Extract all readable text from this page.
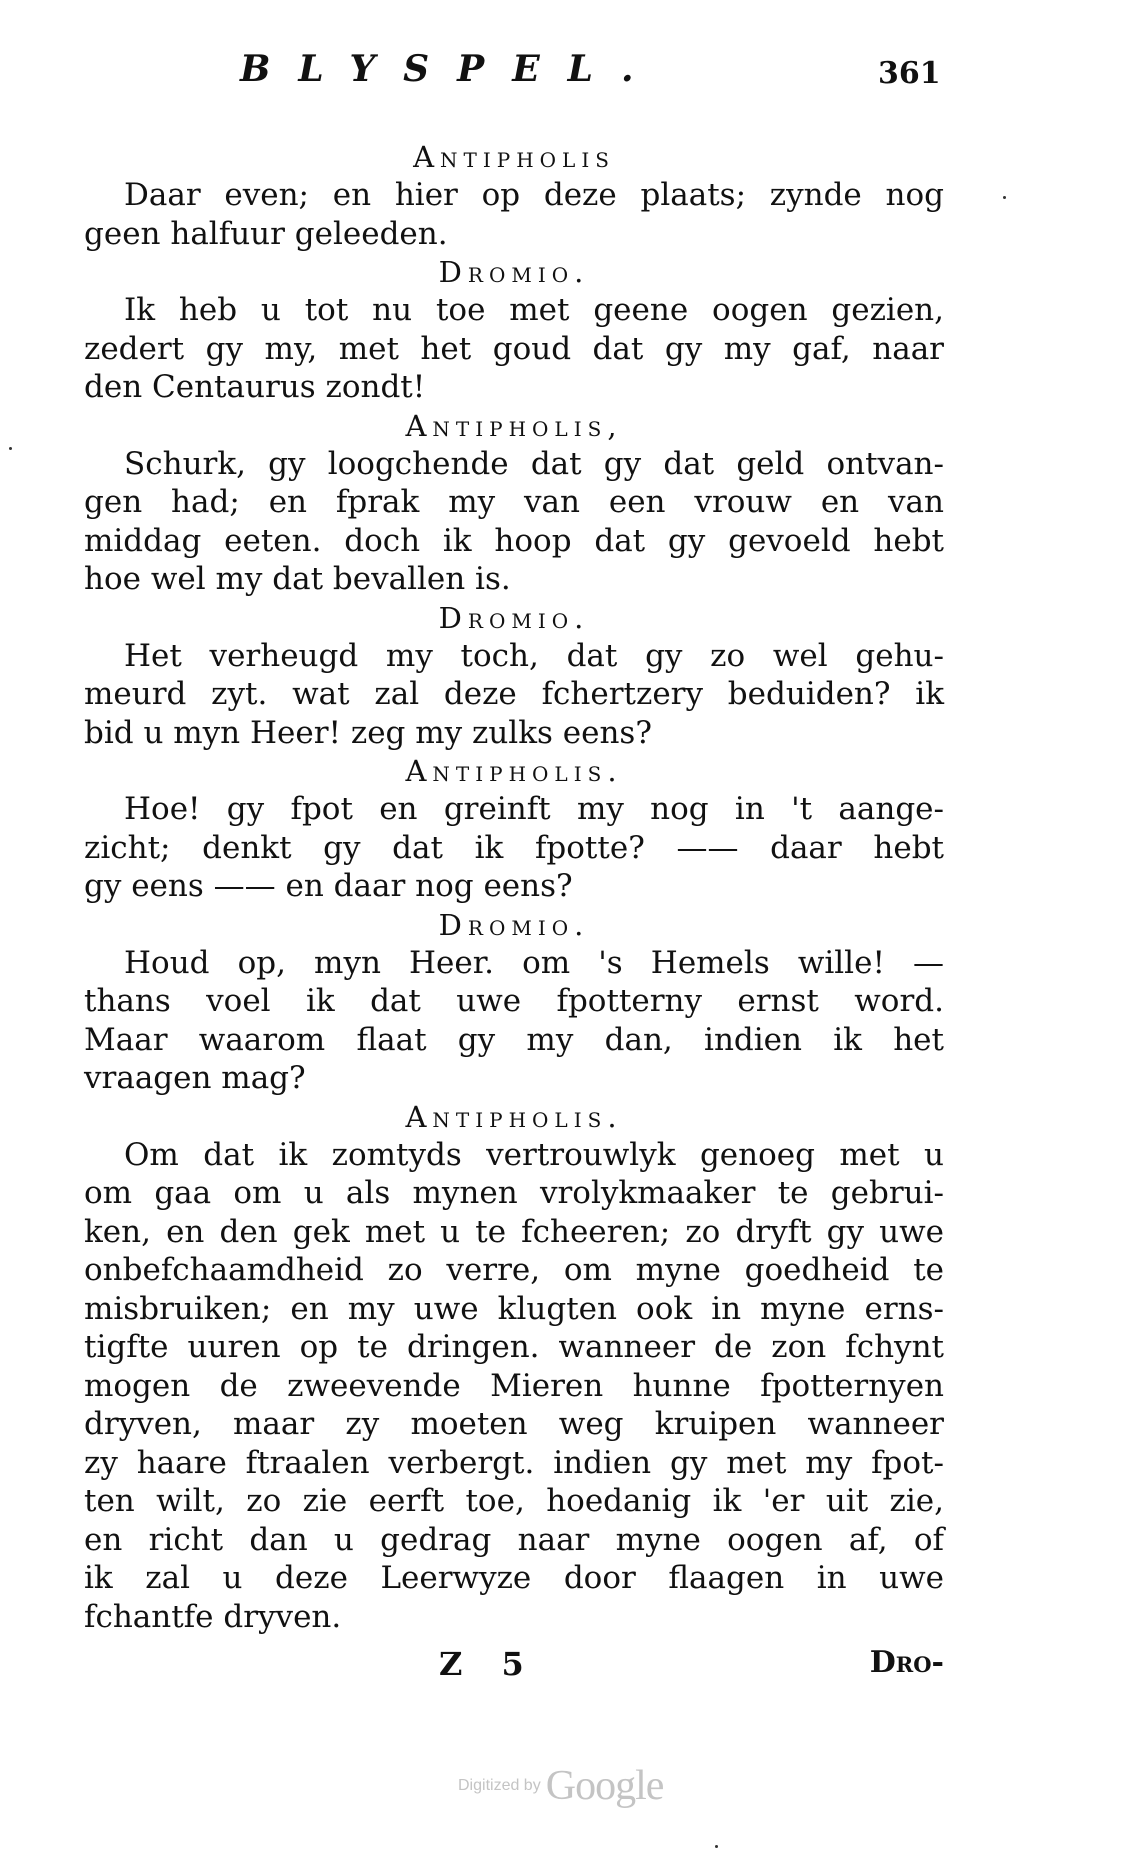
BLYSPEL.	361
Antipholis
Daar even; en hier op deze plaats; zynde nog
geen halfuur geleeden.
Dromio.
Ik heb u tot nu toe met geene oogen gezien,
zedert gy my, met het goud dat gy my gaf, naar
den Centaurus zondt!
Antipholis,
Schurk, gy loogchende dat gy dat geld ontvan-
gen had; en fprak my van een vrouw en van
middag eeten. doch ik hoop dat gy gevoeld hebt
hoe wel my dat bevallen is.
Dromio.
Het verheugd my toch, dat gy zo wel gehu-
meurd zyt. wat zal deze fchertzery beduiden? ik
bid u myn Heer! zeg my zulks eens?
Antipholis.
Hoe! gy fpot en greinft my nog in 't aange-
zicht; denkt gy dat ik fpotte? —— daar hebt
gy eens —— en daar nog eens?
Dromio.
Houd op, myn Heer. om 's Hemels wille! —
thans voel ik dat uwe fpotterny ernst word.
Maar waarom flaat gy my dan, indien ik het
vraagen mag?
Antipholis.
Om dat ik zomtyds vertrouwlyk genoeg met u
om gaa om u als mynen vrolykmaaker te gebrui-
ken, en den gek met u te fcheeren; zo dryft gy uwe
onbefchaamdheid zo verre, om myne goedheid te
misbruiken; en my uwe klugten ook in myne erns-
tigfte uuren op te dringen. wanneer de zon fchynt
mogen de zweevende Mieren hunne fpotternyen
dryven, maar zy moeten weg kruipen wanneer
zy haare ftraalen verbergt. indien gy met my fpot-
ten wilt, zo zie eerft toe, hoedanig ik 'er uit zie,
en richt dan u gedrag naar myne oogen af, of
ik zal u deze Leerwyze door flaagen in uwe
fchantfe dryven.
Z 5	Dro-
Digitized by Google
